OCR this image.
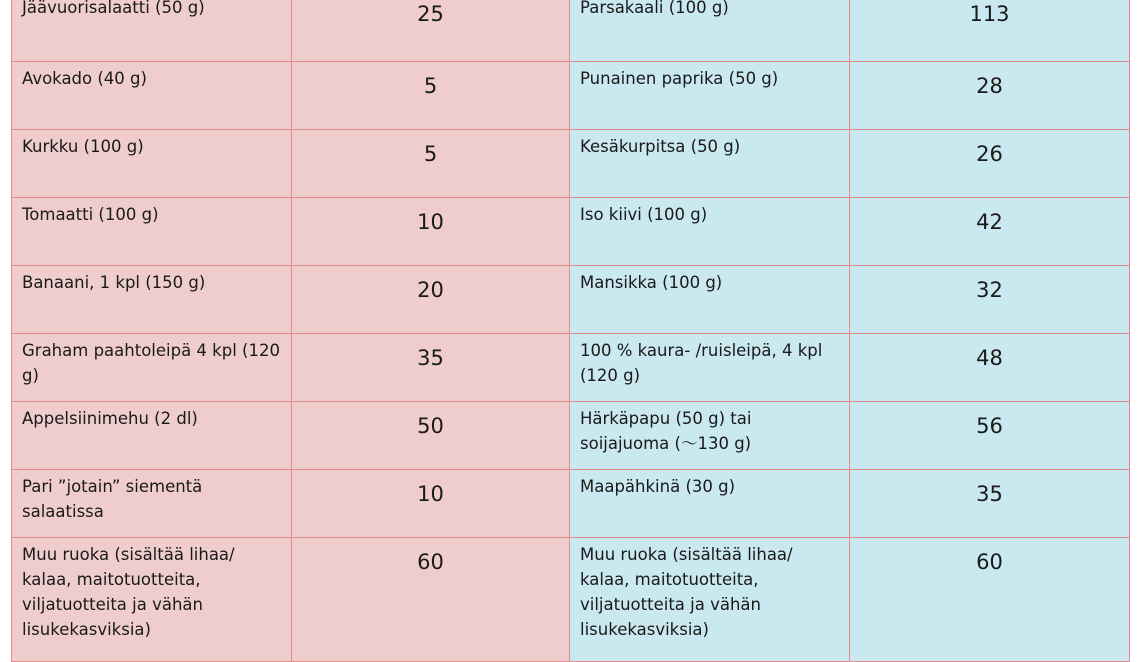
Jäävuorisalaatti (50 g)	25	Parsakaali (100 g)	113
Avokado (40 g)	5	Punainen paprika (50 g)	28
Kurkku (100 g)	5	Kesäkurpitsa (50 g)	26
Tomaatti (100 g)	10	Iso kiivi (100 g)	42
Banaani, 1 kpl (150 g)	20	Mansikka (100 g)	32
Graham paahtoleipä 4 kpl (120 g)	35	100 % kaura- /ruisleipä, 4 kpl (120 g)	48
Appelsiinimehu (2 dl)	50	Härkäpapu (50 g) tai soijajuoma (～130 g)	56
Pari ”jotain” siementä salaatissa	10	Maapähkinä (30 g)	35
Muu ruoka (sisältää lihaa/ kalaa, maitotuotteita, viljatuotteita ja vähän lisukekasviksia)	60	Muu ruoka (sisältää lihaa/ kalaa, maitotuotteita, viljatuotteita ja vähän lisukekasviksia)	60
